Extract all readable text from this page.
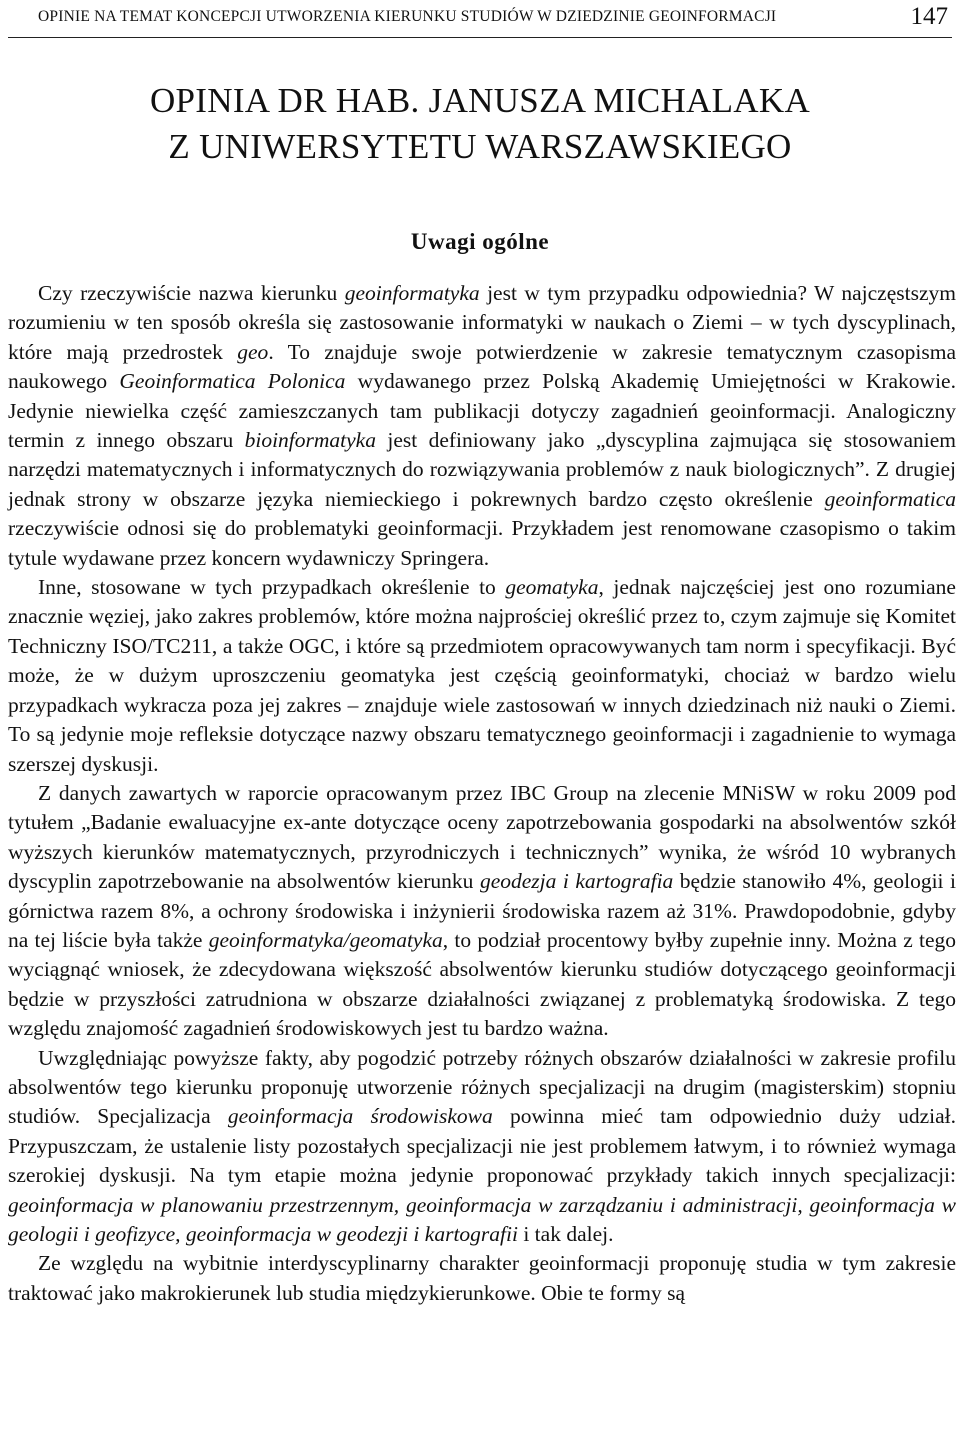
OPINIE NA TEMAT KONCEPCJI UTWORZENIA KIERUNKU STUDIÓW W DZIEDZINIE GEOINFORMACJI	147
OPINIA DR HAB. JANUSZA MICHALAKA
Z UNIWERSYTETU WARSZAWSKIEGO
Uwagi ogólne

Czy rzeczywiście nazwa kierunku geoinformatyka jest w tym przypadku odpowiednia? W najczęstszym rozumieniu w ten sposób określa się zastosowanie informatyki w naukach o Ziemi – w tych dyscyplinach, które mają przedrostek geo. To znajduje swoje potwierdzenie w zakresie tematycznym czasopisma naukowego Geoinformatica Polonica wydawanego przez Polską Akademię Umiejętności w Krakowie. Jedynie niewielka część zamieszczanych tam publikacji dotyczy zagadnień geoinformacji. Analogiczny termin z innego obszaru bioinformatyka jest definiowany jako „dyscyplina zajmująca się stosowaniem narzędzi matematycznych i informatycznych do rozwiązywania problemów z nauk biologicznych”. Z drugiej jednak strony w obszarze języka niemieckiego i pokrewnych bardzo często określenie geoinformatica rzeczywiście odnosi się do problematyki geoinformacji. Przykładem jest renomowane czasopismo o takim tytule wydawane przez koncern wydawniczy Springera.

Inne, stosowane w tych przypadkach określenie to geomatyka, jednak najczęściej jest ono rozumiane znacznie węziej, jako zakres problemów, które można najprościej określić przez to, czym zajmuje się Komitet Techniczny ISO/TC211, a także OGC, i które są przedmiotem opracowywanych tam norm i specyfikacji. Być może, że w dużym uproszczeniu geomatyka jest częścią geoinformatyki, chociaż w bardzo wielu przypadkach wykracza poza jej zakres – znajduje wiele zastosowań w innych dziedzinach niż nauki o Ziemi. To są jedynie moje refleksie dotyczące nazwy obszaru tematycznego geoinformacji i zagadnienie to wymaga szerszej dyskusji.

Z danych zawartych w raporcie opracowanym przez IBC Group na zlecenie MNiSW w roku 2009 pod tytułem „Badanie ewaluacyjne ex-ante dotyczące oceny zapotrzebowania gospodarki na absolwentów szkół wyższych kierunków matematycznych, przyrodniczych i technicznych” wynika, że wśród 10 wybranych dyscyplin zapotrzebowanie na absolwentów kierunku geodezja i kartografia będzie stanowiło 4%, geologii i górnictwa razem 8%, a ochrony środowiska i inżynierii środowiska razem aż 31%. Prawdopodobnie, gdyby na tej liście była także geoinformatyka/geomatyka, to podział procentowy byłby zupełnie inny. Można z tego wyciągnąć wniosek, że zdecydowana większość absolwentów kierunku studiów dotyczącego geoinformacji będzie w przyszłości zatrudniona w obszarze działalności związanej z problematyką środowiska. Z tego względu znajomość zagadnień środowiskowych jest tu bardzo ważna.

Uwzględniając powyższe fakty, aby pogodzić potrzeby różnych obszarów działalności w zakresie profilu absolwentów tego kierunku proponuję utworzenie różnych specjalizacji na drugim (magisterskim) stopniu studiów. Specjalizacja geoinformacja środowiskowa powinna mieć tam odpowiednio duży udział. Przypuszczam, że ustalenie listy pozostałych specjalizacji nie jest problemem łatwym, i to również wymaga szerokiej dyskusji. Na tym etapie można jedynie proponować przykłady takich innych specjalizacji: geoinformacja w planowaniu przestrzennym, geoinformacja w zarządzaniu i administracji, geoinformacja w geologii i geofizyce, geoinformacja w geodezji i kartografii i tak dalej.

Ze względu na wybitnie interdyscyplinarny charakter geoinformacji proponuję studia w tym zakresie traktować jako makrokierunek lub studia międzykierunkowe. Obie te formy są
